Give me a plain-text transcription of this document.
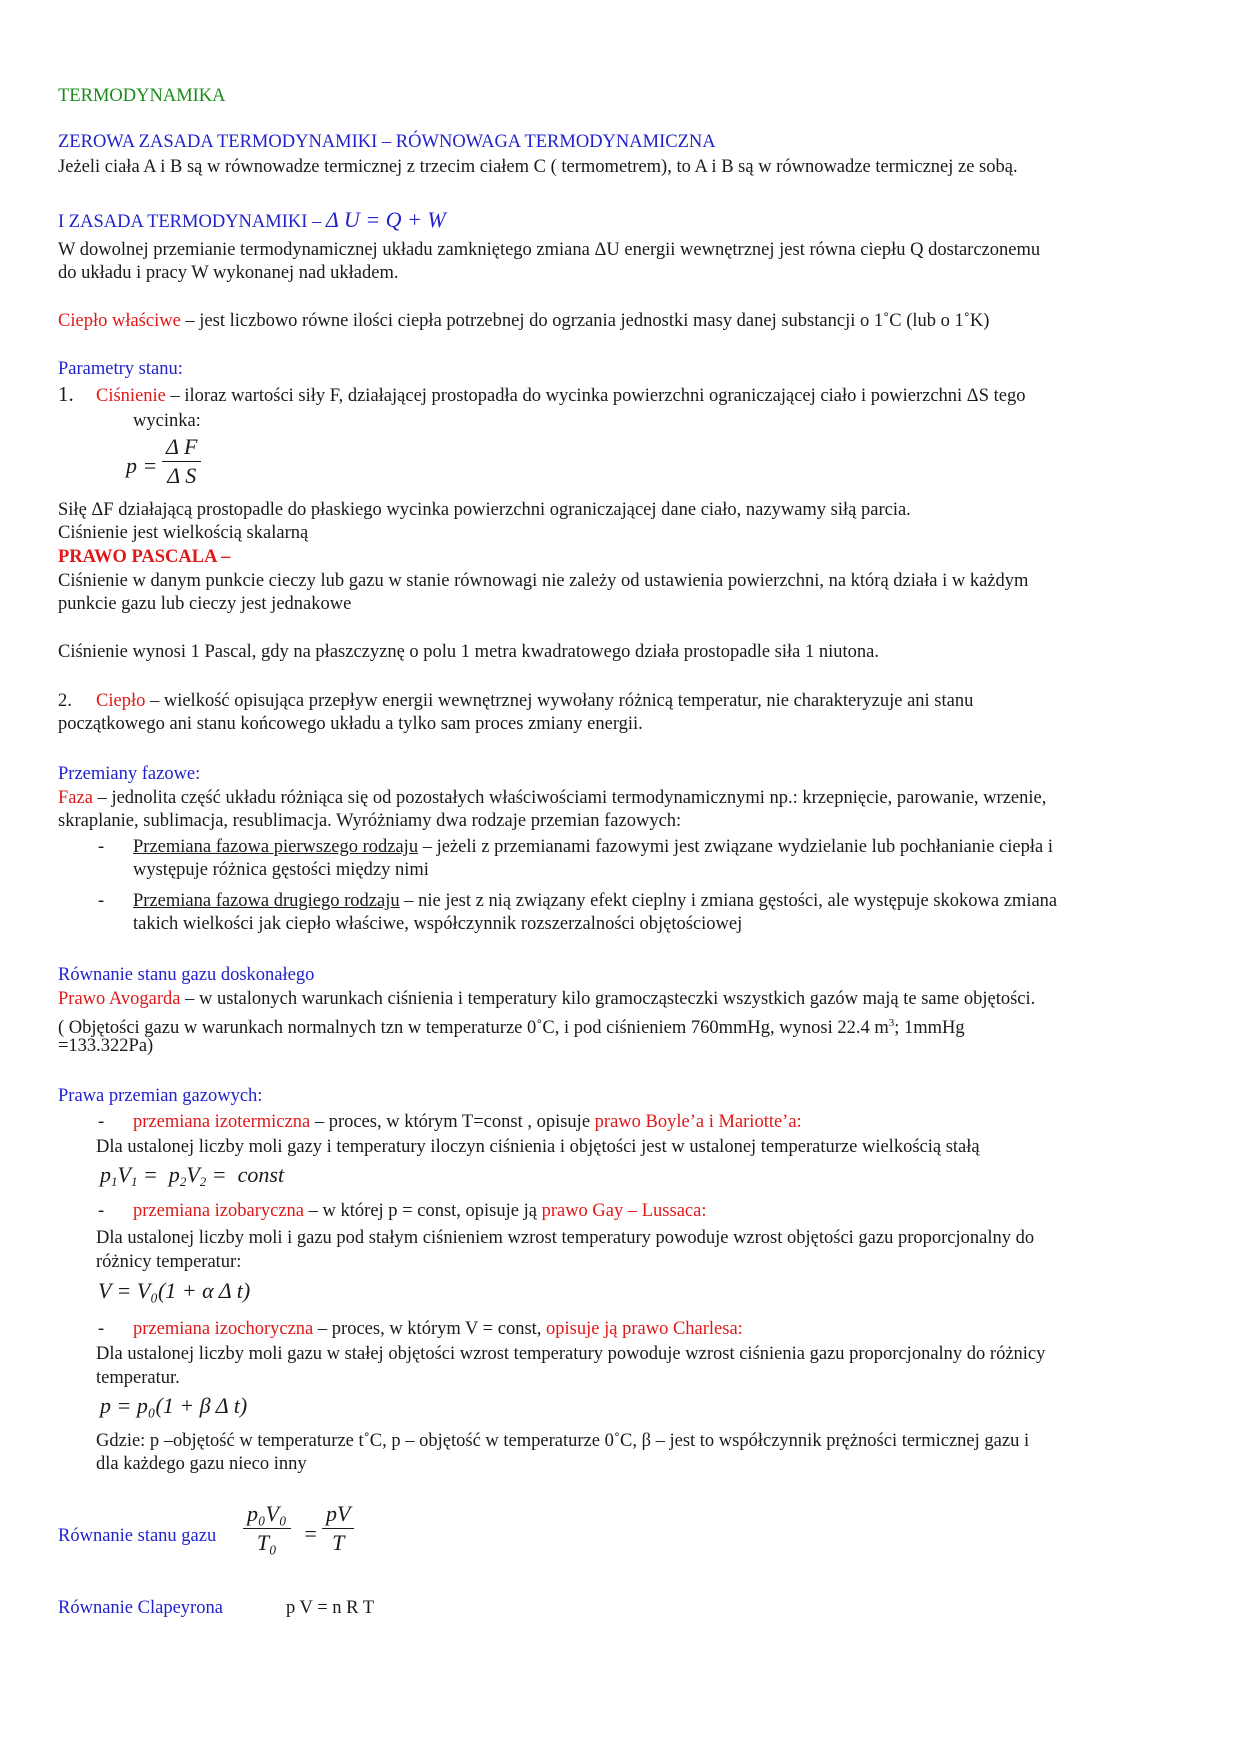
TERMODYNAMIKA
ZEROWA ZASADA TERMODYNAMIKI – RÓWNOWAGA TERMODYNAMICZNA
Jeżeli ciała A i B są w równowadze termicznej z trzecim ciałem C ( termometrem), to A i B są w równowadze termicznej ze sobą.
I ZASADA TERMODYNAMIKI – Δ U = Q + W
W dowolnej przemianie termodynamicznej układu zamkniętego zmiana ΔU energii wewnętrznej jest równa ciepłu Q dostarczonemu
do układu i pracy W wykonanej nad układem.
Ciepło właściwe – jest liczbowo równe ilości ciepła potrzebnej do ogrzania jednostki masy danej substancji o 1˚C (lub o 1˚K)
Parametry stanu:
1. Ciśnienie – iloraz wartości siły F, działającej prostopadła do wycinka powierzchni ograniczającej ciało i powierzchni ΔS tego
wycinka:
$p = \frac{\text{Δ F}}{\text{Δ S}}$
Siłę ΔF działającą prostopadle do płaskiego wycinka powierzchni ograniczającej dane ciało, nazywamy siłą parcia.
Ciśnienie jest wielkością skalarną
PRAWO PASCALA –
Ciśnienie w danym punkcie cieczy lub gazu w stanie równowagi nie zależy od ustawienia powierzchni, na którą działa i w każdym
punkcie gazu lub cieczy jest jednakowe
Ciśnienie wynosi 1 Pascal, gdy na płaszczyznę o polu 1 metra kwadratowego działa prostopadle siła 1 niutona.
2. Ciepło – wielkość opisująca przepływ energii wewnętrznej wywołany różnicą temperatur, nie charakteryzuje ani stanu
początkowego ani stanu końcowego układu a tylko sam proces zmiany energii.
Przemiany fazowe:
Faza – jednolita część układu różniąca się od pozostałych właściwościami termodynamicznymi np.: krzepnięcie, parowanie, wrzenie,
skraplanie, sublimacja, resublimacja. Wyróżniamy dwa rodzaje przemian fazowych:
- Przemiana fazowa pierwszego rodzaju – jeżeli z przemianami fazowymi jest związane wydzielanie lub pochłanianie ciepła i
występuje różnica gęstości między nimi
- Przemiana fazowa drugiego rodzaju – nie jest z nią związany efekt cieplny i zmiana gęstości, ale występuje skokowa zmiana
takich wielkości jak ciepło właściwe, współczynnik rozszerzalności objętościowej
Równanie stanu gazu doskonałego
Prawo Avogarda – w ustalonych warunkach ciśnienia i temperatury kilo gramocząsteczki wszystkich gazów mają te same objętości.
( Objętości gazu w warunkach normalnych tzn w temperaturze 0˚C, i pod ciśnieniem 760mmHg, wynosi 22.4 $m^3$; 1mmHg
=133.322Pa)
Prawa przemian gazowych:
- przemiana izotermiczna – proces, w którym T=const , opisuje prawo Boyle’a i Mariotte’a:
Dla ustalonej liczby moli gazy i temperatury iloczyn ciśnienia i objętości jest w ustalonej temperaturze wielkością stałą
$p_1V_1 = p_2V_2$ =  const
- przemiana izobaryczna – w której p = const, opisuje ją prawo Gay – Lussaca:
Dla ustalonej liczby moli i gazu pod stałym ciśnieniem wzrost temperatury powoduje wzrost objętości gazu proporcjonalny do
różnicy temperatur:
V = V₀(1 + α Δ t)
- przemiana izochoryczna – proces, w którym V = const, opisuje ją prawo Charlesa:
Dla ustalonej liczby moli gazu w stałej objętości wzrost temperatury powoduje wzrost ciśnienia gazu proporcjonalny do różnicy
temperatur.
p = p₀(1 + β Δ t)
Gdzie: p –objętość w temperaturze t˚C, p – objętość w temperaturze 0˚C, β – jest to współczynnik prężności termicznej gazu i
dla każdego gazu nieco inny
Równanie stanu gazu $\frac{\text{p₀V₀}}{\text{T₀}} = \frac{pV}{T}$
Równanie Clapeyrona	p V = n R T
